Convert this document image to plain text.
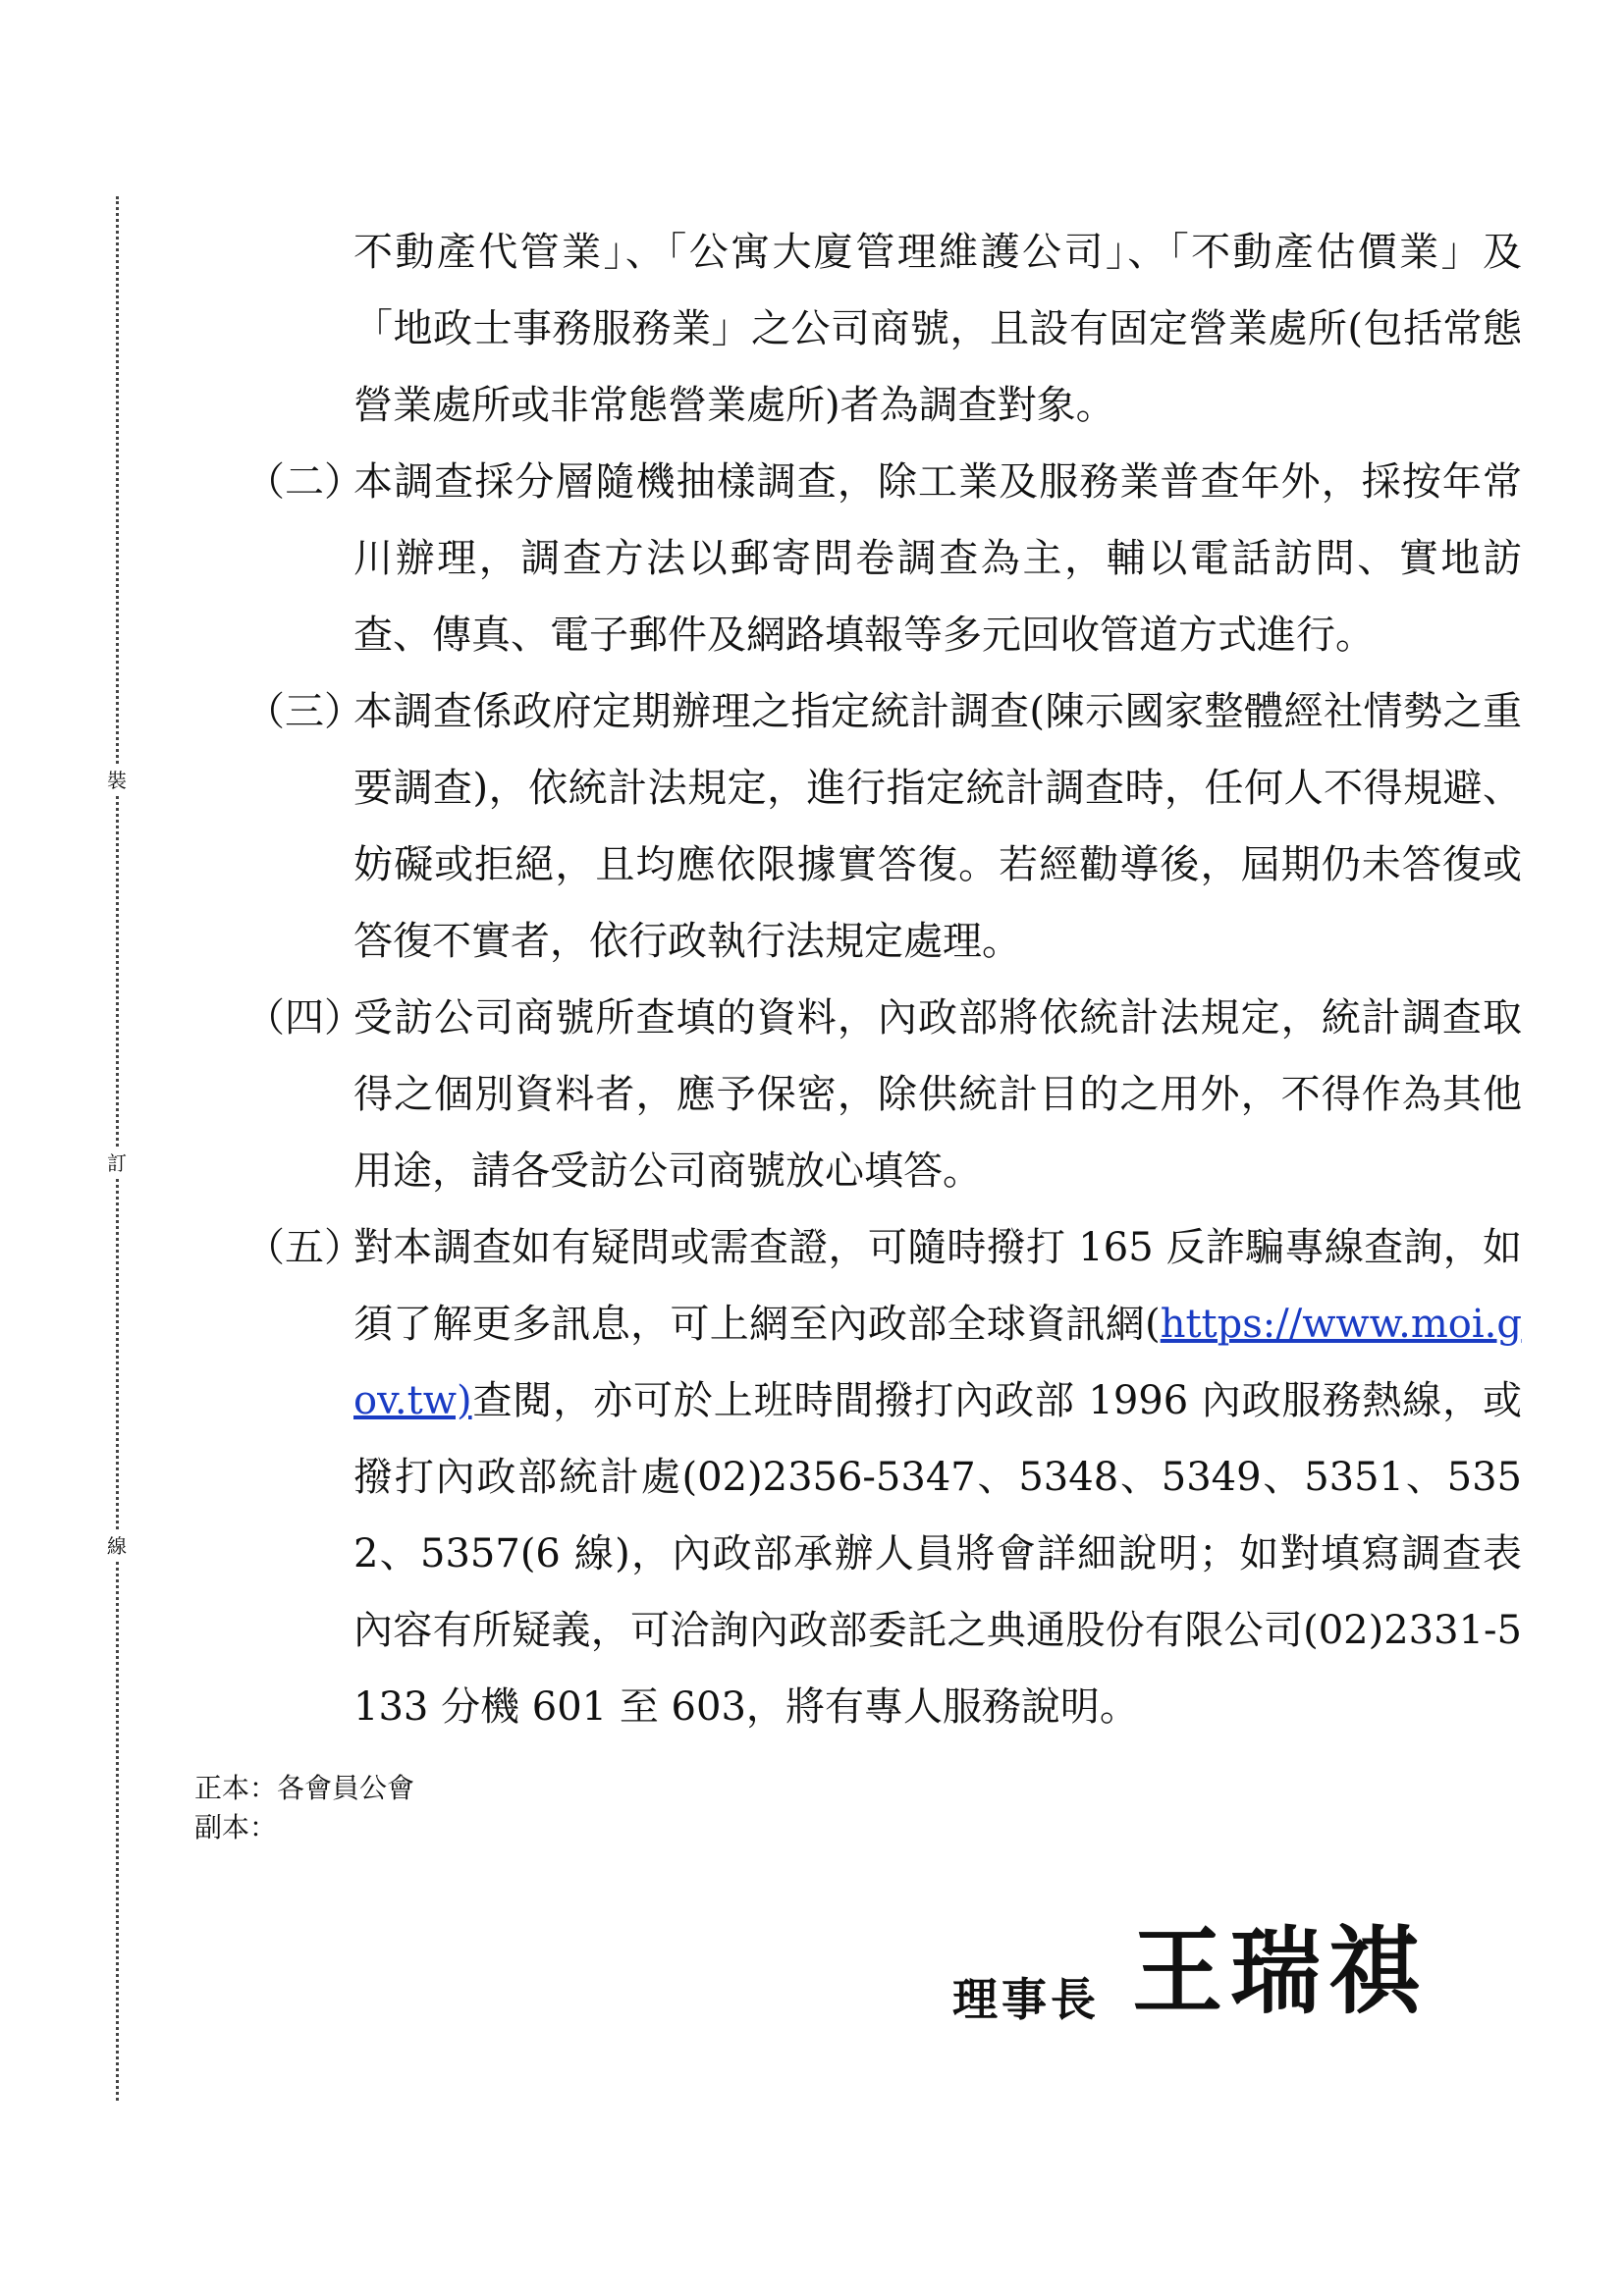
裝
訂
線

不動產代管業」、「公寓大廈管理維護公司」、「不動產估價業」及「地政士事務服務業」之公司商號，且設有固定營業處所(包括常態營業處所或非常態營業處所)者為調查對象。

（二）
本調查採分層隨機抽樣調查，除工業及服務業普查年外，採按年常川辦理，調查方法以郵寄問卷調查為主，輔以電話訪問、實地訪查、傳真、電子郵件及網路填報等多元回收管道方式進行。

（三）
本調查係政府定期辦理之指定統計調查(陳示國家整體經社情勢之重要調查)，依統計法規定，進行指定統計調查時，任何人不得規避、妨礙或拒絕，且均應依限據實答復。若經勸導後，屆期仍未答復或答復不實者，依行政執行法規定處理。

（四）
受訪公司商號所查填的資料，內政部將依統計法規定，統計調查取得之個別資料者，應予保密，除供統計目的之用外，不得作為其他用途，請各受訪公司商號放心填答。

（五）
對本調查如有疑問或需查證，可隨時撥打 165 反詐騙專線查詢，如須了解更多訊息，可上網至內政部全球資訊網(https://www.moi.gov.tw)查閱，亦可於上班時間撥打內政部 1996 內政服務熱線，或撥打內政部統計處(02)2356-5347、5348、5349、5351、5352、5357(6 線)，內政部承辦人員將會詳細說明；如對填寫調查表內容有所疑義，可洽詢內政部委託之典通股份有限公司(02)2331-5133 分機 601 至 603，將有專人服務說明。

正本：各會員公會
副本：
理事長 王瑞祺
